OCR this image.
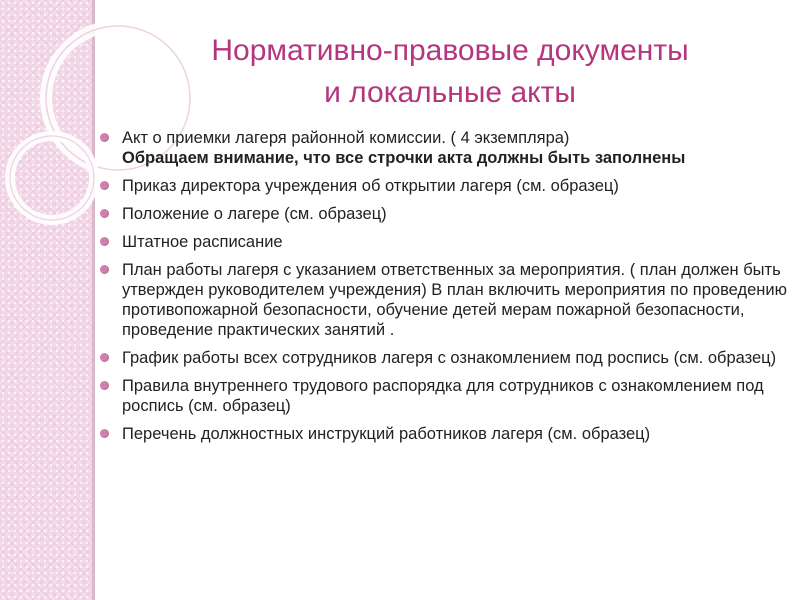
Нормативно-правовые документы
и локальные акты
Акт о приемки лагеря районной комиссии. ( 4 экземпляра)
Обращаем внимание, что все строчки акта должны быть заполнены
Приказ директора учреждения об открытии лагеря (см. образец)
Положение о лагере (см. образец)
Штатное расписание
План работы лагеря с указанием ответственных за мероприятия. ( план должен быть утвержден руководителем учреждения) В план включить мероприятия по проведению противопожарной безопасности, обучение детей мерам пожарной безопасности, проведение практических занятий .
График работы всех сотрудников лагеря с ознакомлением под роспись (см. образец)
Правила внутреннего трудового распорядка для сотрудников с ознакомлением под роспись (см. образец)
Перечень должностных инструкций работников лагеря (см. образец)
